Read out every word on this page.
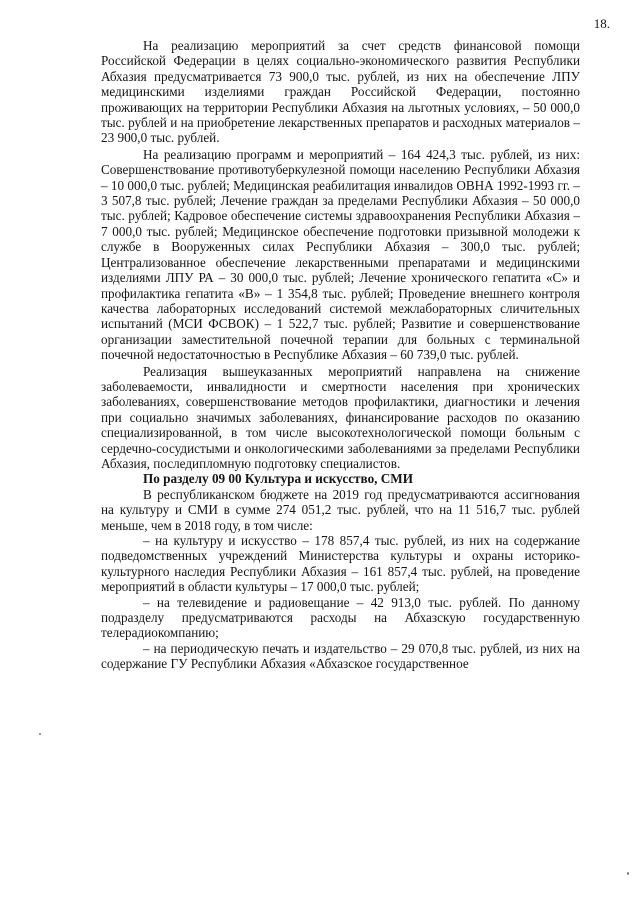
18.

На реализацию мероприятий за счет средств финансовой помощи Российской Федерации в целях социально-экономического развития Республики Абхазия предусматривается 73 900,0 тыс. рублей, из них на обеспечение ЛПУ медицинскими изделиями граждан Российской Федерации, постоянно проживающих на территории Республики Абхазия на льготных условиях, – 50 000,0 тыс. рублей и на приобретение лекарственных препаратов и расходных материалов – 23 900,0 тыс. рублей.

На реализацию программ и мероприятий – 164 424,3 тыс. рублей, из них: Совершенствование противотуберкулезной помощи населению Республики Абхазия – 10 000,0 тыс. рублей; Медицинская реабилитация инвалидов ОВНА 1992-1993 гг. – 3 507,8 тыс. рублей; Лечение граждан за пределами Республики Абхазия – 50 000,0 тыс. рублей; Кадровое обеспечение системы здравоохранения Республики Абхазия – 7 000,0 тыс. рублей; Медицинское обеспечение подготовки призывной молодежи к службе в Вооруженных силах Республики Абхазия – 300,0 тыс. рублей; Централизованное обеспечение лекарственными препаратами и медицинскими изделиями ЛПУ РА – 30 000,0 тыс. рублей; Лечение хронического гепатита «С» и профилактика гепатита «В» – 1 354,8 тыс. рублей; Проведение внешнего контроля качества лабораторных исследований системой межлабораторных сличительных испытаний (МСИ ФСВОК) – 1 522,7 тыс. рублей; Развитие и совершенствование организации заместительной почечной терапии для больных с терминальной почечной недостаточностью в Республике Абхазия – 60 739,0 тыс. рублей.

Реализация вышеуказанных мероприятий направлена на снижение заболеваемости, инвалидности и смертности населения при хронических заболеваниях, совершенствование методов профилактики, диагностики и лечения при социально значимых заболеваниях, финансирование расходов по оказанию специализированной, в том числе высокотехнологической помощи больным с сердечно-сосудистыми и онкологическими заболеваниями за пределами Республики Абхазия, последипломную подготовку специалистов.

По разделу 09 00 Культура и искусство, СМИ

В республиканском бюджете на 2019 год предусматриваются ассигнования на культуру и СМИ в сумме 274 051,2 тыс. рублей, что на 11 516,7 тыс. рублей меньше, чем в 2018 году, в том числе:

– на культуру и искусство – 178 857,4 тыс. рублей, из них на содержание подведомственных учреждений Министерства культуры и охраны историко-культурного наследия Республики Абхазия – 161 857,4 тыс. рублей, на проведение мероприятий в области культуры – 17 000,0 тыс. рублей;

– на телевидение и радиовещание – 42 913,0 тыс. рублей. По данному подразделу предусматриваются расходы на Абхазскую государственную телерадиокомпанию;

– на периодическую печать и издательство – 29 070,8 тыс. рублей, из них на содержание ГУ Республики Абхазия «Абхазское государственное
